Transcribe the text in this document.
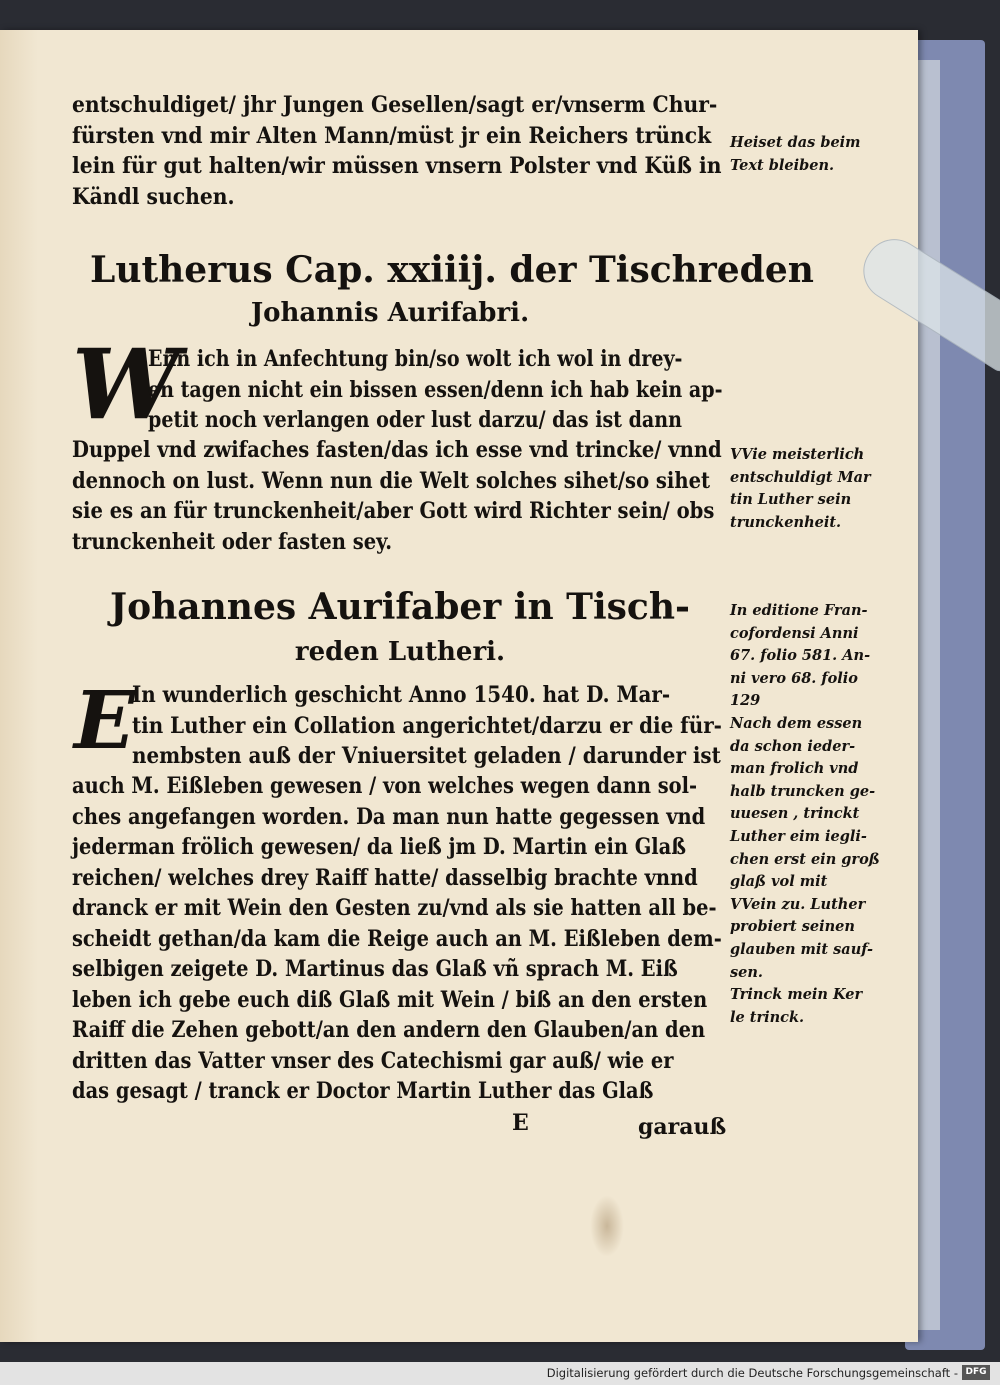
entschuldiget/ jhr Jungen Gesellen/sagt er/vnserm Chur-

fürsten vnd mir Alten Mann/müst jr ein Reichers trünck

lein für gut halten/wir müssen vnsern Polster vnd Küß in

Kändl suchen.

Heiset das beim

Text bleiben.

Lutherus Cap. xxiiij. der Tischreden
Johannis Aurifabri.
W

Enn ich in Anfechtung bin/so wolt ich wol in drey-

en tagen nicht ein bissen essen/denn ich hab kein ap-

petit noch verlangen oder lust darzu/ das ist dann

Duppel vnd zwifaches fasten/das ich esse vnd trincke/ vnnd

dennoch on lust. Wenn nun die Welt solches sihet/so sihet

sie es an für trunckenheit/aber Gott wird Richter sein/ obs

trunckenheit oder fasten sey.

VVie meisterlich

entschuldigt Mar

tin Luther sein

trunckenheit.

Johannes Aurifaber in Tisch-
reden Lutheri.

In editione Fran-

cofordensi Anni

67. folio 581. An-

ni vero 68. folio

129

Nach dem essen

da schon ieder-

man frolich vnd

halb truncken ge-

uuesen , trinckt

Luther eim iegli-

chen erst ein groß

glaß vol mit

VVein zu. Luther

probiert seinen

glauben mit sauf-

sen.

Trinck mein Ker

le trinck.

E

In wunderlich geschicht Anno 1540. hat D. Mar-

tin Luther ein Collation angerichtet/darzu er die für-

nembsten auß der Vniuersitet geladen / darunder ist

auch M. Eißleben gewesen / von welches wegen dann sol-

ches angefangen worden. Da man nun hatte gegessen vnd

jederman frölich gewesen/ da ließ jm D. Martin ein Glaß

reichen/ welches drey Raiff hatte/ dasselbig brachte vnnd

dranck er mit Wein den Gesten zu/vnd als sie hatten all be-

scheidt gethan/da kam die Reige auch an M. Eißleben dem-

selbigen zeigete D. Martinus das Glaß vñ sprach M. Eiß

leben ich gebe euch diß Glaß mit Wein / biß an den ersten

Raiff die Zehen gebott/an den andern den Glauben/an den

dritten das Vatter vnser des Catechismi gar auß/ wie er

das gesagt / tranck er Doctor Martin Luther das Glaß

E	garauß
Digitalisierung gefördert durch die Deutsche Forschungsgemeinschaft - DFG
